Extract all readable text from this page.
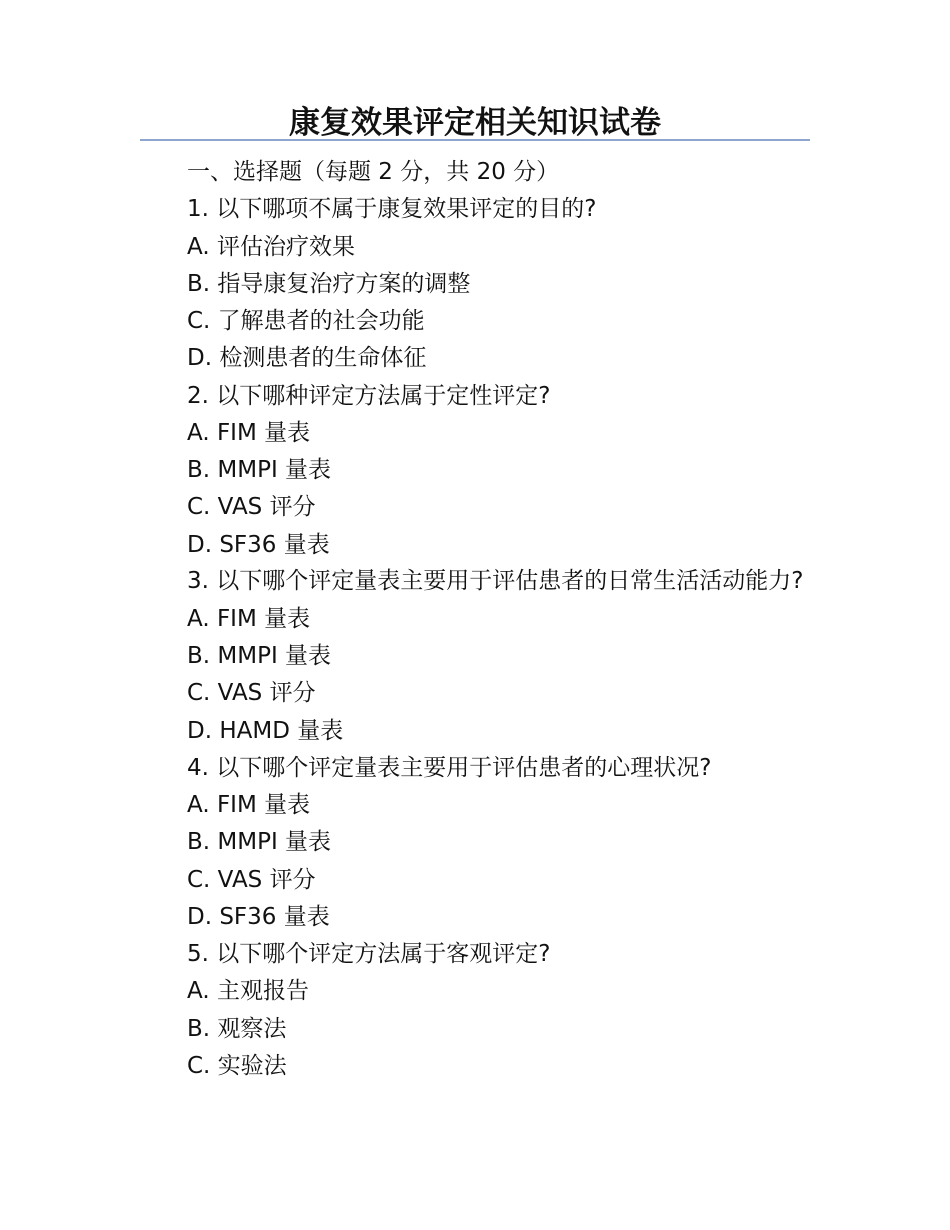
康复效果评定相关知识试卷
一、选择题（每题 2 分，共 20 分）
1. 以下哪项不属于康复效果评定的目的?
A. 评估治疗效果
B. 指导康复治疗方案的调整
C. 了解患者的社会功能
D. 检测患者的生命体征
2. 以下哪种评定方法属于定性评定?
A. FIM 量表
B. MMPI 量表
C. VAS 评分
D. SF36 量表
3. 以下哪个评定量表主要用于评估患者的日常生活活动能力?
A. FIM 量表
B. MMPI 量表
C. VAS 评分
D. HAMD 量表
4. 以下哪个评定量表主要用于评估患者的心理状况?
A. FIM 量表
B. MMPI 量表
C. VAS 评分
D. SF36 量表
5. 以下哪个评定方法属于客观评定?
A. 主观报告
B. 观察法
C. 实验法
